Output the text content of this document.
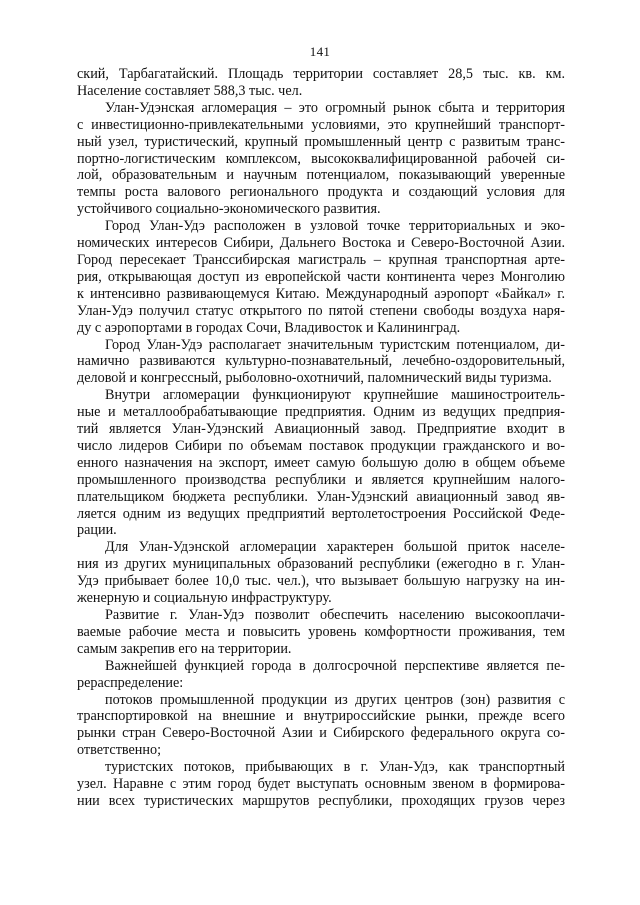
141

ский, Тарбагатайский. Площадь территории составляет 28,5 тыс. кв. км.
Население составляет 588,3 тыс. чел.

Улан-Удэнская агломерация – это огромный рынок сбыта и территория
с инвестиционно-привлекательными условиями, это крупнейший транспорт-
ный узел, туристический, крупный промышленный центр с развитым транс-
портно-логистическим комплексом, высококвалифицированной рабочей си-
лой, образовательным и научным потенциалом, показывающий уверенные
темпы роста валового регионального продукта и создающий условия для
устойчивого социально-экономического развития.

Город Улан-Удэ расположен в узловой точке территориальных и эко-
номических интересов Сибири, Дальнего Востока и Северо-Восточной Азии.
Город пересекает Транссибирская магистраль – крупная транспортная арте-
рия, открывающая доступ из европейской части континента через Монголию
к интенсивно развивающемуся Китаю. Международный аэропорт «Байкал» г.
Улан-Удэ получил статус открытого по пятой степени свободы воздуха наря-
ду с аэропортами в городах Сочи, Владивосток и Калининград.

Город Улан-Удэ располагает значительным туристским потенциалом, ди-
намично развиваются культурно-познавательный, лечебно-оздоровительный,
деловой и конгрессный, рыболовно-охотничий, паломнический виды туризма.

Внутри агломерации функционируют крупнейшие машиностроитель-
ные и металлообрабатывающие предприятия. Одним из ведущих предприя-
тий является Улан-Удэнский Авиационный завод. Предприятие входит в
число лидеров Сибири по объемам поставок продукции гражданского и во-
енного назначения на экспорт, имеет самую большую долю в общем объеме
промышленного производства республики и является крупнейшим налого-
плательщиком бюджета республики. Улан-Удэнский авиационный завод яв-
ляется одним из ведущих предприятий вертолетостроения Российской Феде-
рации.

Для Улан-Удэнской агломерации характерен большой приток населе-
ния из других муниципальных образований республики (ежегодно в г. Улан-
Удэ прибывает более 10,0 тыс. чел.), что вызывает большую нагрузку на ин-
женерную и социальную инфраструктуру.

Развитие г. Улан-Удэ позволит обеспечить населению высокооплачи-
ваемые рабочие места и повысить уровень комфортности проживания, тем
самым закрепив его на территории.

Важнейшей функцией города в долгосрочной перспективе является пе-
рераспределение:

потоков промышленной продукции из других центров (зон) развития с
транспортировкой на внешние и внутрироссийские рынки, прежде всего
рынки стран Северо-Восточной Азии и Сибирского федерального округа со-
ответственно;

туристских потоков, прибывающих в г. Улан-Удэ, как транспортный
узел. Наравне с этим город будет выступать основным звеном в формирова-
нии всех туристических маршрутов республики, проходящих грузов через
